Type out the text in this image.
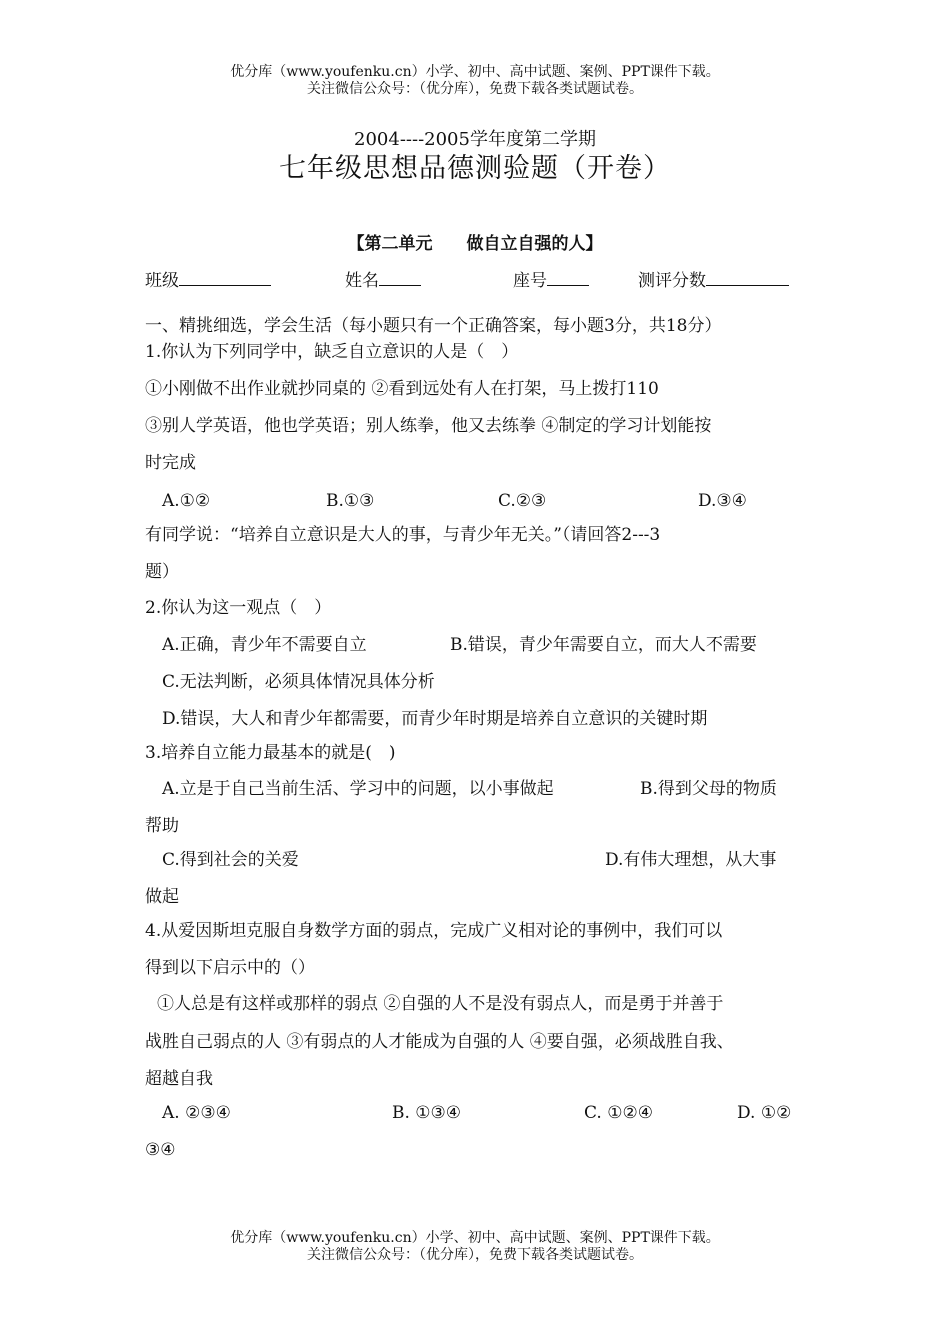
优分库（www.youfenku.cn）小学、初中、高中试题、案例、PPT课件下载。
关注微信公众号：（优分库），免费下载各类试题试卷。
2004----2005学年度第二学期
七年级思想品德测验题（开卷）
【第二单元　　做自立自强的人】
班级	姓名	座号	测评分数
一、精挑细选，学会生活（每小题只有一个正确答案，每小题3分，共18分）
1.你认为下列同学中，缺乏自立意识的人是（　）
①小刚做不出作业就抄同桌的 ②看到远处有人在打架，马上拨打110
③别人学英语，他也学英语；别人练拳，他又去练拳 ④制定的学习计划能按
时完成
A.①②	B.①③	C.②③	D.③④
有同学说：“培养自立意识是大人的事，与青少年无关。”（请回答2---3
题）
2.你认为这一观点（　）
A.正确，青少年不需要自立	B.错误，青少年需要自立，而大人不需要
C.无法判断，必须具体情况具体分析
D.错误，大人和青少年都需要，而青少年时期是培养自立意识的关键时期
3.培养自立能力最基本的就是(　)
A.立是于自己当前生活、学习中的问题，以小事做起	B.得到父母的物质
帮助
C.得到社会的关爱	D.有伟大理想，从大事
做起
4.从爱因斯坦克服自身数学方面的弱点，完成广义相对论的事例中，我们可以
得到以下启示中的（）
①人总是有这样或那样的弱点 ②自强的人不是没有弱点人，而是勇于并善于
战胜自己弱点的人 ③有弱点的人才能成为自强的人 ④要自强，必须战胜自我、
超越自我
A. ②③④	B. ①③④	C. ①②④	D. ①②
③④
优分库（www.youfenku.cn）小学、初中、高中试题、案例、PPT课件下载。
关注微信公众号：（优分库），免费下载各类试题试卷。
